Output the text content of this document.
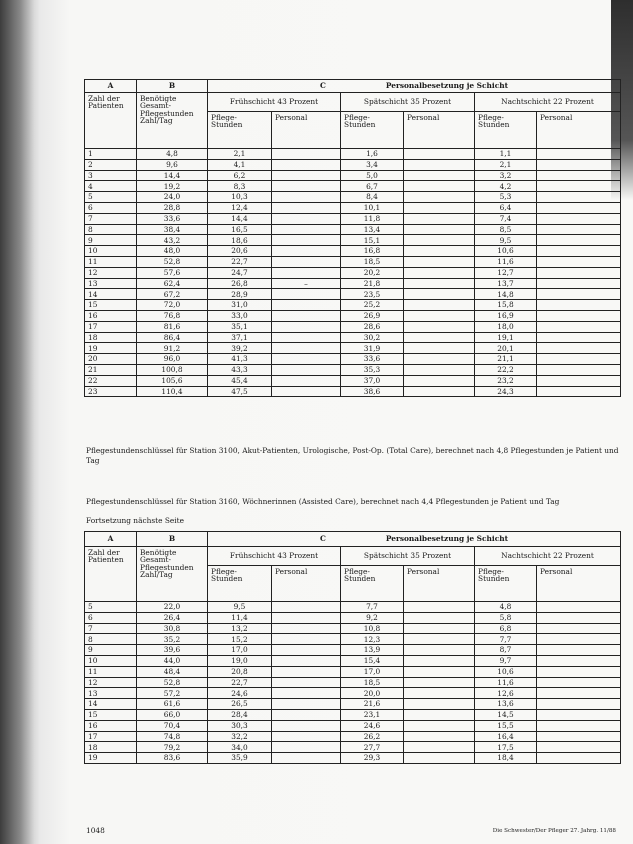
A	B	C Personalbesetzung je Schicht					
Zahl der Patienten	Benötigte Gesamt-Pflegestunden Zahl/Tag	Frühschicht 43 Prozent		Spätschicht 35 Prozent		Nachtschicht 22 Prozent	
		Pflege-Stunden	Personal	Pflege-Stunden	Personal	Pflege-Stunden	Personal
1	4,8	2,1		1,6		1,1	
2	9,6	4,1		3,4		2,1	
3	14,4	6,2		5,0		3,2	
4	19,2	8,3		6,7		4,2	
5	24,0	10,3		8,4		5,3	
6	28,8	12,4		10,1		6,4	
7	33,6	14,4		11,8		7,4	
8	38,4	16,5		13,4		8,5	
9	43,2	18,6		15,1		9,5	
10	48,0	20,6		16,8		10,6	
11	52,8	22,7		18,5		11,6	
12	57,6	24,7		20,2		12,7	
13	62,4	26,8	–	21,8		13,7	
14	67,2	28,9		23,5		14,8	
15	72,0	31,0		25,2		15,8	
16	76,8	33,0		26,9		16,9	
17	81,6	35,1		28,6		18,0	
18	86,4	37,1		30,2		19,1	
19	91,2	39,2		31,9		20,1	
20	96,0	41,3		33,6		21,1	
21	100,8	43,3		35,3		22,2	
22	105,6	45,4		37,0		23,2	
23	110,4	47,5		38,6		24,3	
Pflegestundenschlüssel für Station 3100, Akut-Patienten, Urologische, Post-Op. (Total Care), berechnet nach 4,8 Pflegestunden je Patient und Tag
Pflegestundenschlüssel für Station 3160, Wöchnerinnen (Assisted Care), berechnet nach 4,4 Pflegestunden je Patient und Tag
Fortsetzung nächste Seite
A	B	C Personalbesetzung je Schicht					
Zahl der Patienten	Benötigte Gesamt-Pflegestunden Zahl/Tag	Frühschicht 43 Prozent		Spätschicht 35 Prozent		Nachtschicht 22 Prozent	
		Pflege-Stunden	Personal	Pflege-Stunden	Personal	Pflege-Stunden	Personal
5	22,0	9,5		7,7		4,8	
6	26,4	11,4		9,2		5,8	
7	30,8	13,2		10,8		6,8	
8	35,2	15,2		12,3		7,7	
9	39,6	17,0		13,9		8,7	
10	44,0	19,0		15,4		9,7	
11	48,4	20,8		17,0		10,6	
12	52,8	22,7		18,5		11,6	
13	57,2	24,6		20,0		12,6	
14	61,6	26,5		21,6		13,6	
15	66,0	28,4		23,1		14,5	
16	70,4	30,3		24,6		15,5	
17	74,8	32,2		26,2		16,4	
18	79,2	34,0		27,7		17,5	
19	83,6	35,9		29,3		18,4	
1048	Die Schwester/Der Pfleger 27. Jahrg. 11/88
